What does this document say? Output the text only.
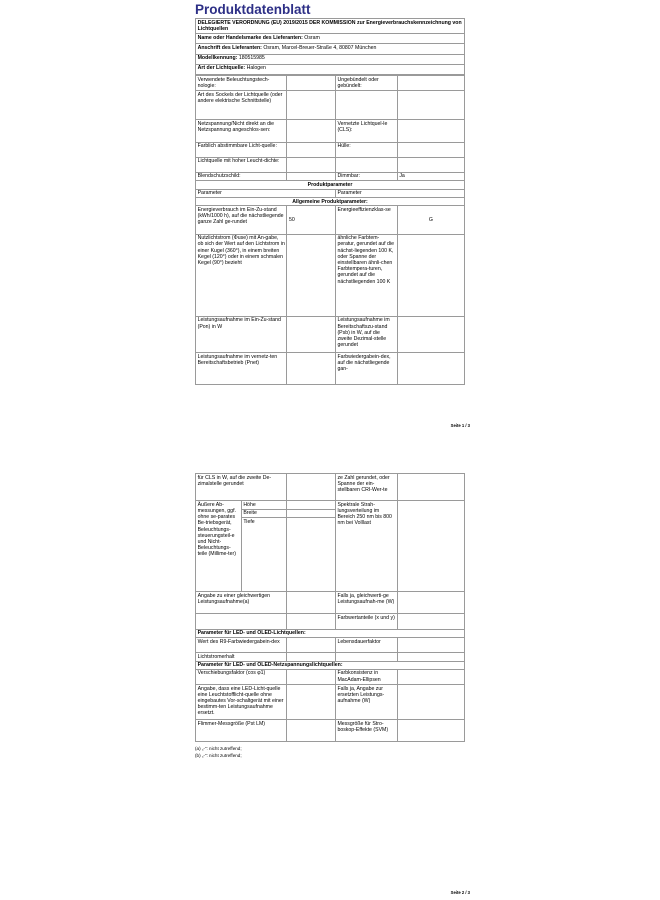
Produktdatenblatt
DELEGIERTE VERORDNUNG (EU) 2019/2015 DER KOMMISSION zur Energieverbrauchskennzeichnung von Lichtquellen
Name oder Handelsmarke des Lieferanten: Osram
Anschrift des Lieferanten: Osram, Marcel-Breuer-Straße 4, 80807 München
Modellkennung: 180515985
Art der Lichtquelle: Halogen
Verwendete Beleuchtungstech-nologie:		Ungebündelt oder gebündelt:	
Art des Sockels der Lichtquelle (oder andere elektrische Schnittstelle)			
Netzspannung/Nicht direkt an die Netzspannung angeschlos-sen:		Vernetzte Lichtquel-le (CLS):	
Farblich abstimmbare Licht-quelle:		Hülle:	
Lichtquelle mit hoher Leucht-dichte:			
Blendschutzschild:		Dimmbar:	Ja
Produktparameter			
Parameter		Parameter	
Allgemeine Produktparameter:			
Energieverbrauch im Ein-Zu-stand (kWh/1000 h), auf die nächstliegende ganze Zahl ge-rundet	50	Energieeffizienzklas-se	G
Nutzlichtstrom (Φuse) mit An-gabe, ob sich der Wert auf den Lichtstrom in einer Kugel (360°), in einem breiten Kegel (120°) oder in einem schmalen Kegel (90°) bezieht		ähnliche Farbtem-peratur, gerundet auf die nächst-liegenden 100 K, oder Spanne der einstellbaren ähnli-chen Farbtempera-turen, gerundet auf die nächstliegenden 100 K	
Leistungsaufnahme im Ein-Zu-stand (Pon) in W		Leistungsaufnahme im Bereitschaftszu-stand (Psb) in W, auf die zweite Dezimal-stelle gerundet	
Leistungsaufnahme im vernetz-ten Bereitschaftsbetrieb (Pnet)		Farbwiedergabein-dex, auf die nächstliegende gan-	
Seite 1 / 3
für CLS in W, auf die zweite De-zimalstelle gerundet			ze Zahl gerundet, oder Spanne der ein-stellbaren CRI-Wer-te	
Äußere Ab-messungen, ggf. ohne se-parates Be-triebsgerät, Beleuchtungs-steuerungsteil-e und Nicht-Beleuchtungs-teile (Millime-ter)	Höhe		Spektrale Strah-lungsverteilung im Bereich 250 nm bis 800 nm bei Volllast	
	Breite			
	Tiefe			
Angabe zu einer gleichwertigen Leistungsaufnahme(a)			Falls ja, gleichwerti-ge Leistungsaufnah-me (W)	
			Farbwertanteile (x und y)	
Parameter für LED- und OLED-Lichtquellen:				
Wert des R9-Farbwiedergabein-dex			Lebensdauerfaktor	
Lichtstromerhalt				
Parameter für LED- und OLED-Netzspannungslichtquellen:				
Verschiebungsfaktor (cos φ1)			Farbkonsistenz in MacAdam-Ellipsen	
Angabe, dass eine LED-Licht-quelle eine Leuchtstofflicht-quelle ohne eingebautes Vor-schaltgerät mit einer bestimm-ten Leistungsaufnahme ersetzt.			Falls ja, Angabe zur ersetzten Leistungs-aufnahme (W)	
Flimmer-Messgröße (Pst LM)			Messgröße für Stro-boskop-Effekte (SVM)	
(a) „-“: nicht zutreffend;
(b) „-“: nicht zutreffend;
Seite 2 / 3
